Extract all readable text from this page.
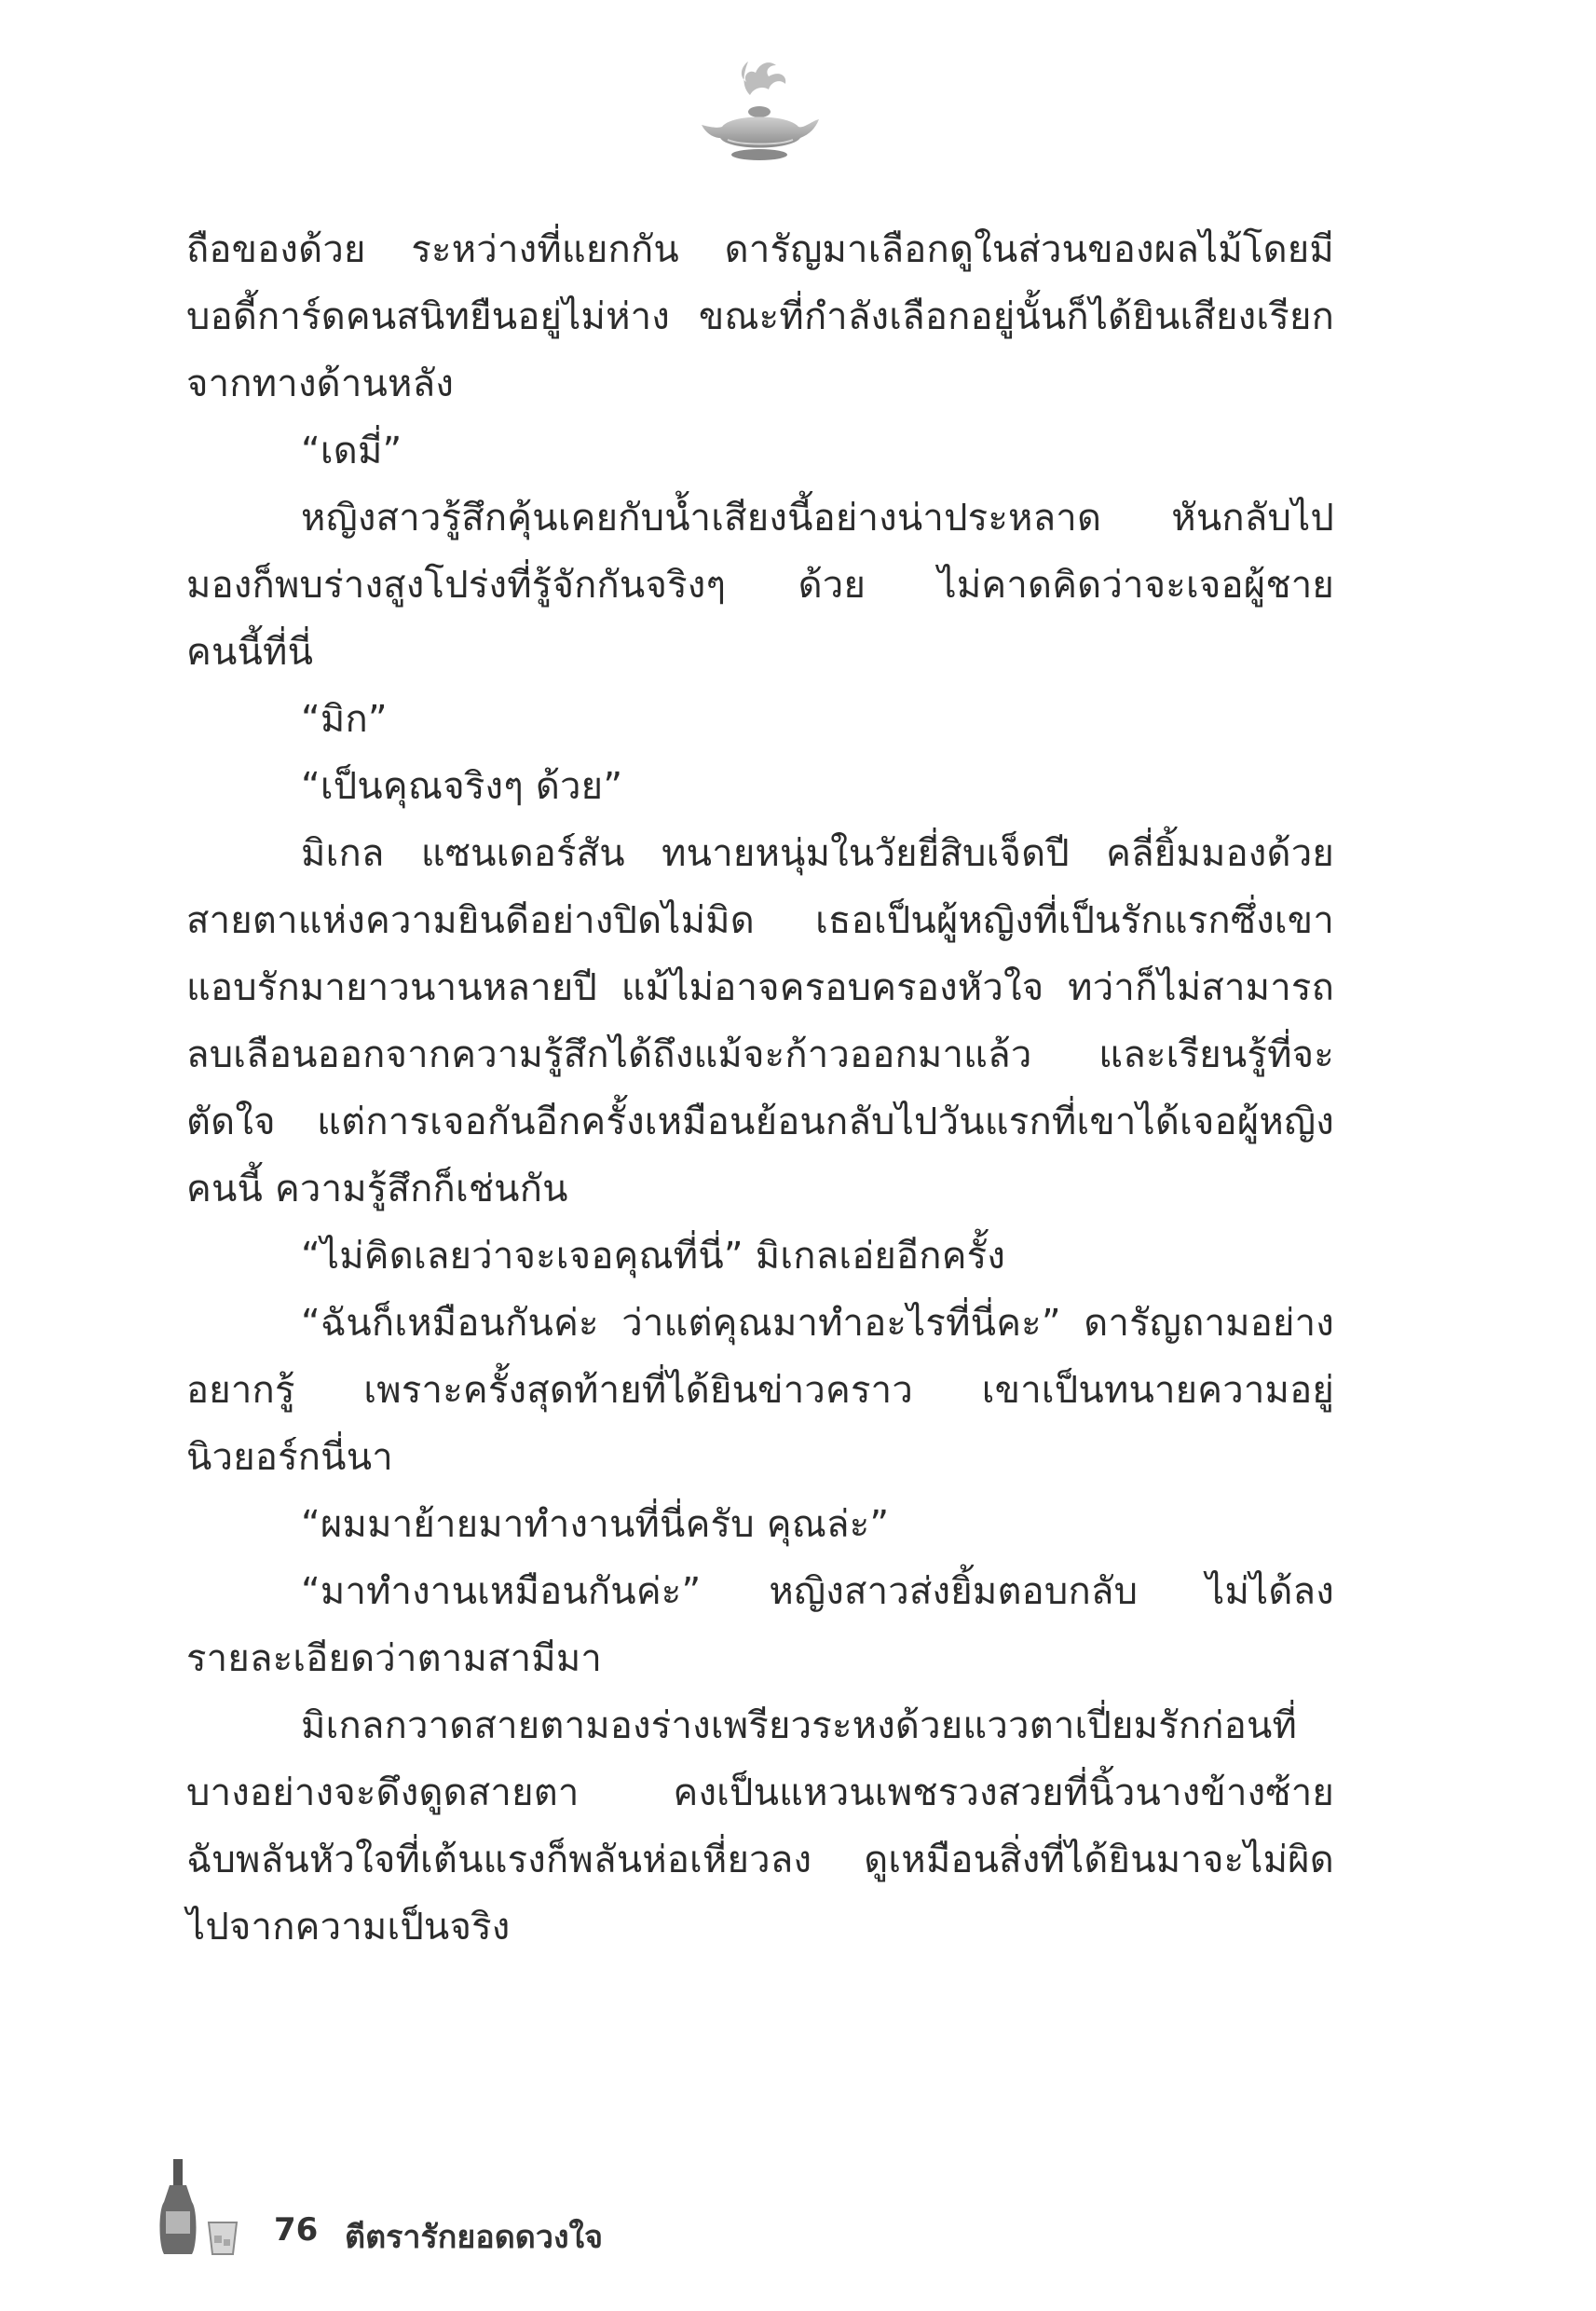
ถือของด้วย ระหว่างที่แยกกัน ดารัญมาเลือกดูในส่วนของผลไม้โดยมี
บอดี้การ์ดคนสนิทยืนอยู่ไม่ห่าง ขณะที่กำลังเลือกอยู่นั้นก็ได้ยินเสียงเรียก
จากทางด้านหลัง
“เดมี่”
หญิงสาวรู้สึกคุ้นเคยกับน้ำเสียงนี้อย่างน่าประหลาด หันกลับไป
มองก็พบร่างสูงโปร่งที่รู้จักกันจริงๆ ด้วย ไม่คาดคิดว่าจะเจอผู้ชาย
คนนี้ที่นี่
“มิก”
“เป็นคุณจริงๆ ด้วย”
มิเกล แซนเดอร์สัน ทนายหนุ่มในวัยยี่สิบเจ็ดปี คลี่ยิ้มมองด้วย
สายตาแห่งความยินดีอย่างปิดไม่มิด เธอเป็นผู้หญิงที่เป็นรักแรกซึ่งเขา
แอบรักมายาวนานหลายปี แม้ไม่อาจครอบครองหัวใจ ทว่าก็ไม่สามารถ
ลบเลือนออกจากความรู้สึกได้ถึงแม้จะก้าวออกมาแล้ว และเรียนรู้ที่จะ
ตัดใจ แต่การเจอกันอีกครั้งเหมือนย้อนกลับไปวันแรกที่เขาได้เจอผู้หญิง
คนนี้ ความรู้สึกก็เช่นกัน
“ไม่คิดเลยว่าจะเจอคุณที่นี่” มิเกลเอ่ยอีกครั้ง
“ฉันก็เหมือนกันค่ะ ว่าแต่คุณมาทำอะไรที่นี่คะ” ดารัญถามอย่าง
อยากรู้ เพราะครั้งสุดท้ายที่ได้ยินข่าวคราว เขาเป็นทนายความอยู่
นิวยอร์กนี่นา
“ผมมาย้ายมาทำงานที่นี่ครับ คุณล่ะ”
“มาทำงานเหมือนกันค่ะ” หญิงสาวส่งยิ้มตอบกลับ ไม่ได้ลง
รายละเอียดว่าตามสามีมา
มิเกลกวาดสายตามองร่างเพรียวระหงด้วยแววตาเปี่ยมรักก่อนที่
บางอย่างจะดึงดูดสายตา คงเป็นแหวนเพชรวงสวยที่นิ้วนางข้างซ้าย
ฉับพลันหัวใจที่เต้นแรงก็พลันห่อเหี่ยวลง ดูเหมือนสิ่งที่ได้ยินมาจะไม่ผิด
ไปจากความเป็นจริง
76 ตีตรารักยอดดวงใจ
